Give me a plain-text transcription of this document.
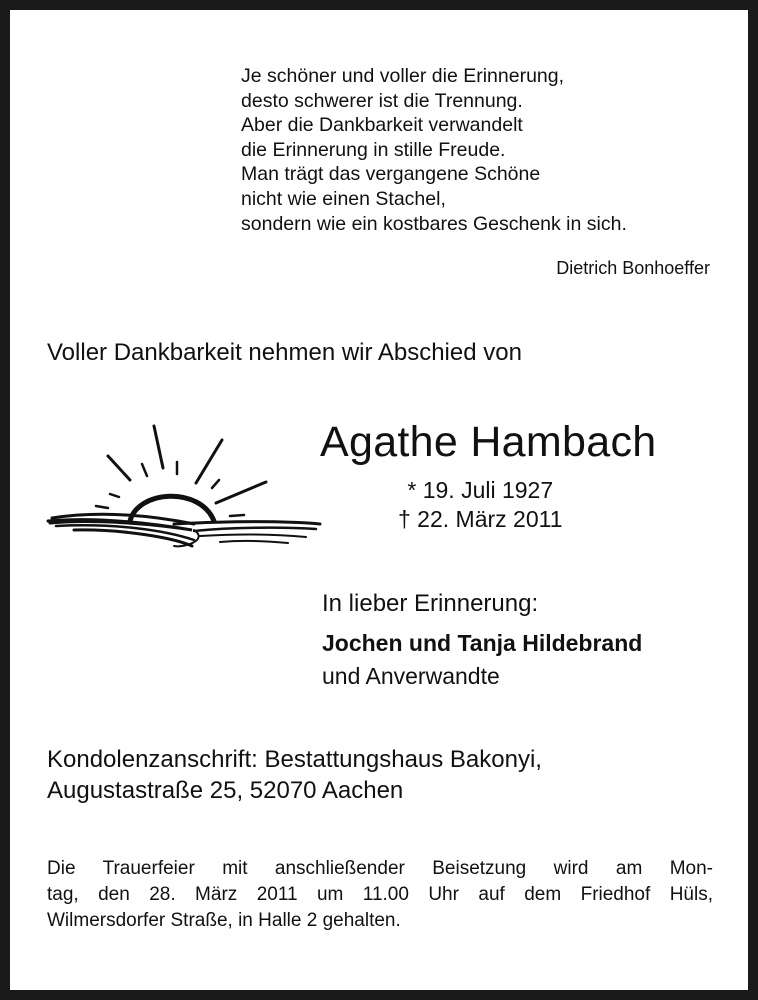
Je schöner und voller die Erinnerung,
desto schwerer ist die Trennung.
Aber die Dankbarkeit verwandelt
die Erinnerung in stille Freude.
Man trägt das vergangene Schöne
nicht wie einen Stachel,
sondern wie ein kostbares Geschenk in sich.
Dietrich Bonhoeffer
Voller Dankbarkeit nehmen wir Abschied von
Agathe Hambach
* 19. Juli 1927
† 22. März 2011
In lieber Erinnerung:
Jochen und Tanja Hildebrand
und Anverwandte
Kondolenzanschrift: Bestattungshaus Bakonyi,
Augustastraße 25, 52070 Aachen
Die Trauerfeier mit anschließender Beisetzung wird am Mon-
tag, den 28. März 2011 um 11.00 Uhr auf dem Friedhof Hüls,
Wilmersdorfer Straße, in Halle 2 gehalten.
